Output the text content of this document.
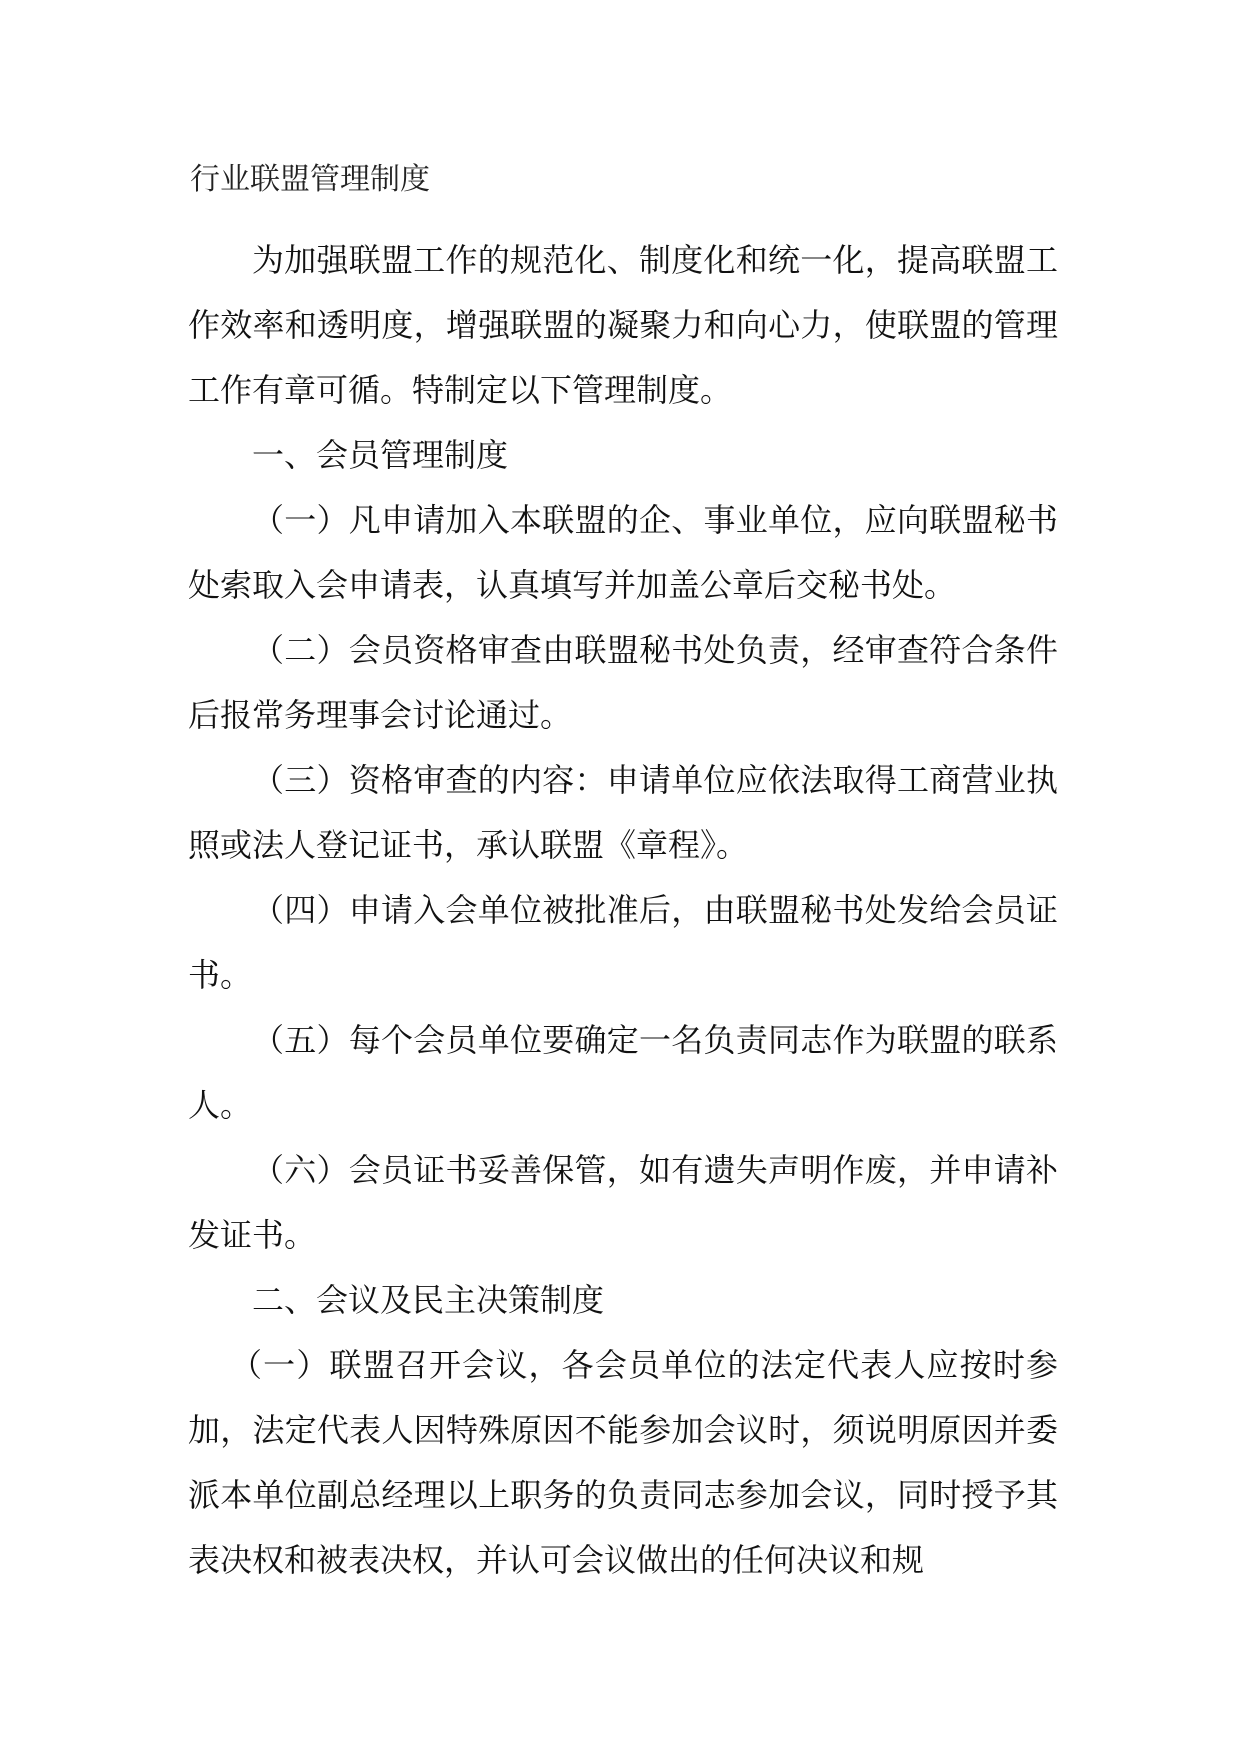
行业联盟管理制度

为加强联盟工作的规范化、制度化和统一化，提高联盟工作效率和透明度，增强联盟的凝聚力和向心力，使联盟的管理工作有章可循。特制定以下管理制度。

一、会员管理制度

（一）凡申请加入本联盟的企、事业单位，应向联盟秘书处索取入会申请表，认真填写并加盖公章后交秘书处。

（二）会员资格审查由联盟秘书处负责，经审查符合条件后报常务理事会讨论通过。

（三）资格审查的内容：申请单位应依法取得工商营业执照或法人登记证书，承认联盟《章程》。

（四）申请入会单位被批准后，由联盟秘书处发给会员证书。

（五）每个会员单位要确定一名负责同志作为联盟的联系人。

（六）会员证书妥善保管，如有遗失声明作废，并申请补发证书。

二、会议及民主决策制度

（一）联盟召开会议，各会员单位的法定代表人应按时参加，法定代表人因特殊原因不能参加会议时，须说明原因并委派本单位副总经理以上职务的负责同志参加会议，同时授予其表决权和被表决权，并认可会议做出的任何决议和规
